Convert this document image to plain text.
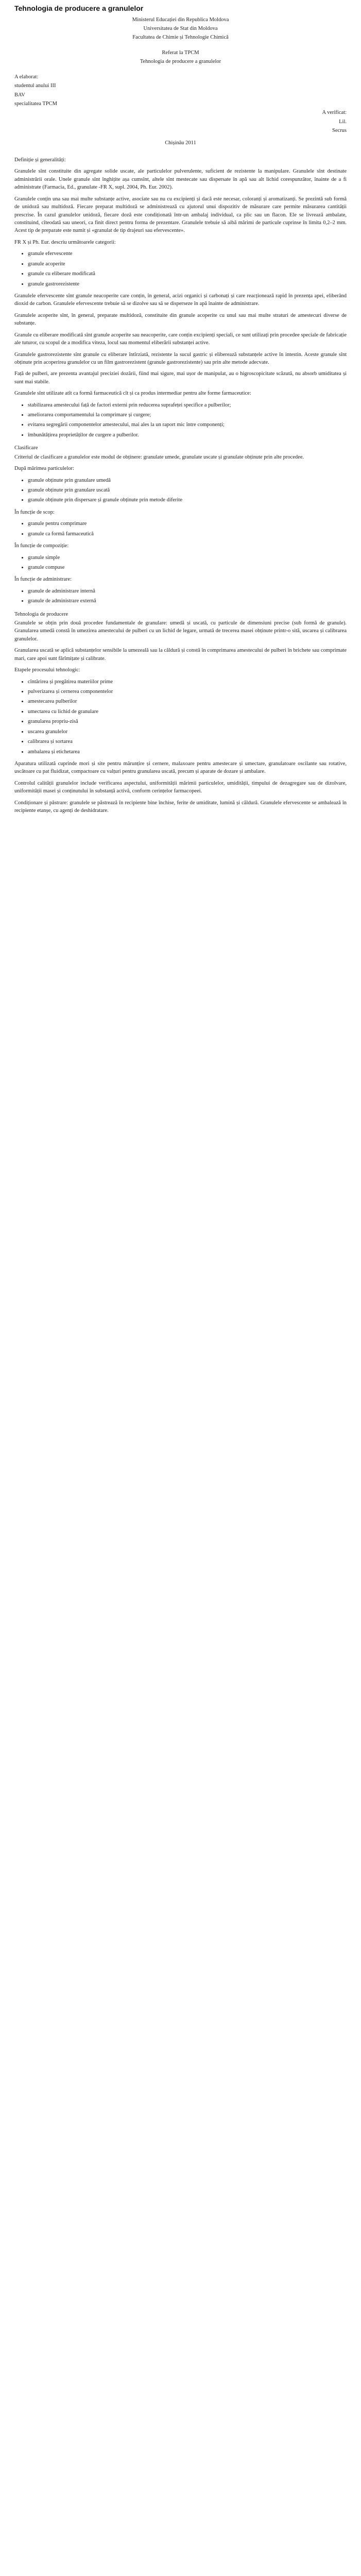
Tehnologia de producere a granulelor
Ministerul Educației din Republica Moldova
Universitatea de Stat din Moldova
Facultatea de Chimie și Tehnologie Chimică
Referat la TPCM
Tehnologia de producere a granulelor
A elaborat:
studentul anului III
BAV
specialitatea TPCM
A verificat:
Lil.
Secrus
Chișinău 2011

Definiție și generalități:

Granulele sînt constituite din agregate solide uscate, ale particulelor pulverulente, suficient de rezistente la manipulare. Granulele sînt destinate administrării orale. Unele granule sînt înghițite așa cumsînt, altele sînt mestecate sau dispersate în apă sau alt lichid corespunzător, înainte de a fi administrate (Farmacia, Ed., granulate -FR X, supl. 2004, Ph. Eur. 2002).

Granulele conțin una sau mai multe substanțe active, asociate sau nu cu excipienți și dacă este necesar, coloranți și aromatizanți. Se prezintă sub formă de unidoză sau multidoză. Fiecare preparat multidoză se administrează cu ajutorul unui dispozitiv de măsurare care permite măsurarea cantității prescrise. În cazul granulelor unidoză, fiecare doză este condiționată într-un ambalaj individual, ca plic sau un flacon. Ele se livrează ambalate, constituind, cîteodată sau uneori, ca finit direct pentru forma de prezentare. Granulele trebuie să aibă mărimi de particule cuprinse în limita 0,2–2 mm. Acest tip de preparate este numit și «granulat de tip drajeuri sau efervescente».

FR X și Ph. Eur. descriu următoarele categorii:

• granule efervescente
• granule acoperite
• granule cu eliberare modificată
• granule gastrorezistente

Granulele efervescente sînt granule neacoperite care conțin, în general, acizi organici și carbonați și care reacționează rapid în prezența apei, eliberând dioxid de carbon. Granulele efervescente trebuie să se dizolve sau să se disperseze în apă înainte de administrare.

Granulele acoperite sînt, în general, preparate multidoză, constituite din granule acoperite cu unul sau mai multe straturi de amestecuri diverse de substanțe.

Granule cu eliberare modificată sînt granule acoperite sau neacoperite, care conțin excipienți speciali, ce sunt utilizați prin procedee speciale de fabricație ale tuturor, cu scopul de a modifica viteza, locul sau momentul eliberării substanței active.

Granulele gastrorezistente sînt granule cu eliberare întîrziată, rezistente la sucul gastric și eliberează substanțele active în intestin. Aceste granule sînt obținute prin acoperirea granulelor cu un film gastrorezistent (granule gastrorezistente) sau prin alte metode adecvate.

Față de pulberi, are prezenta avantajul preciziei dozării, fiind mai sigure, mai ușor de manipulat, au o higroscopicitate scăzută, nu absorb umiditatea și sunt mai stabile.

Granulele sînt utilizate atît ca formă farmaceutică cît și ca produs intermediar pentru alte forme farmaceutice:

• stabilizarea amestecului față de factori externi prin reducerea suprafeței specifice a pulberilor;
• ameliorarea comportamentului la comprimare și curgere;
• evitarea segregării componentelor amestecului, mai ales la un raport mic între componenți;
• îmbunătățirea proprietăților de curgere a pulberilor.
Clasificare

Criteriul de clasificare a granulelor este modul de obținere: granulate umede, granulate uscate și granulate obținute prin alte procedee.

După mărimea particulelor:

• granule obținute prin granulare umedă
• granule obținute prin granulare uscată
• granule obținute prin dispersare și granule obținute prin metode diferite

În funcție de scop:

• granule pentru comprimare
• granule ca formă farmaceutică

În funcție de compoziție:

• granule simple
• granule compuse

În funcție de administrare:

• granule de administrare internă
• granule de administrare externă
Tehnologia de producere

Granulele se obțin prin două procedee fundamentale de granulare: umedă și uscată, cu particule de dimensiuni precise (sub formă de granule). Granularea umedă constă în umezirea amestecului de pulberi cu un lichid de legare, urmată de trecerea masei obținute printr-o sită, uscarea și calibrarea granulelor.

Granularea uscată se aplică substanțelor sensibile la umezeală sau la căldură și constă în comprimarea amestecului de pulberi în brichete sau comprimate mari, care apoi sunt fărîmițate și calibrate.

Etapele procesului tehnologic:

• cîntărirea și pregătirea materiilor prime
• pulverizarea și cernerea componentelor
• amestecarea pulberilor
• umectarea cu lichid de granulare
• granularea propriu-zisă
• uscarea granulelor
• calibrarea și sortarea
• ambalarea și etichetarea

Aparatura utilizată cuprinde mori și site pentru mărunțire și cernere, malaxoare pentru amestecare și umectare, granulatoare oscilante sau rotative, uscătoare cu pat fluidizat, compactoare cu valțuri pentru granularea uscată, precum și aparate de dozare și ambalare.

Controlul calității granulelor include verificarea aspectului, uniformității mărimii particulelor, umidității, timpului de dezagregare sau de dizolvare, uniformității masei și conținutului în substanță activă, conform cerințelor farmacopeei.

Condiționare și păstrare: granulele se păstrează în recipiente bine închise, ferite de umiditate, lumină și căldură. Granulele efervescente se ambalează în recipiente etanșe, cu agenți de deshidratare.
